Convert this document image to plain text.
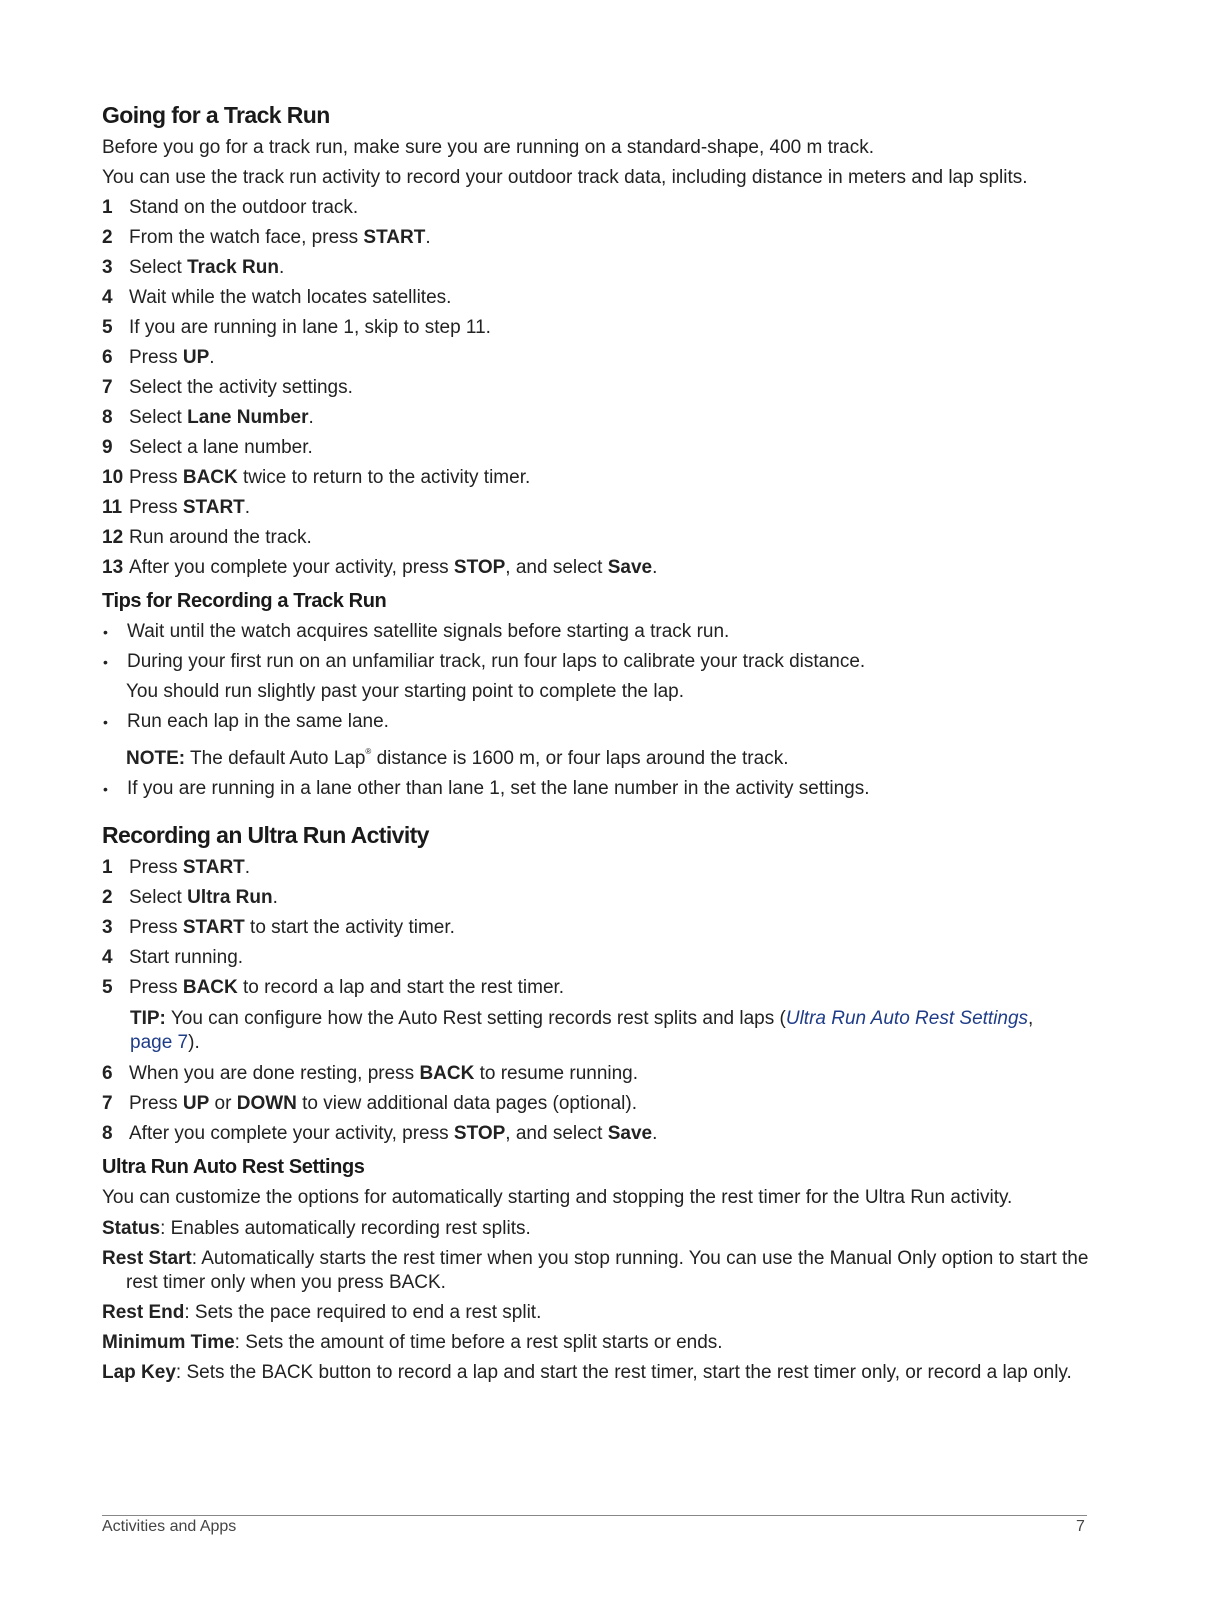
Going for a Track Run

Before you go for a track run, make sure you are running on a standard-shape, 400 m track.

You can use the track run activity to record your outdoor track data, including distance in meters and lap splits.

1 Stand on the outdoor track.
2 From the watch face, press START.
3 Select Track Run.
4 Wait while the watch locates satellites.
5 If you are running in lane 1, skip to step 11.
6 Press UP.
7 Select the activity settings.
8 Select Lane Number.
9 Select a lane number.
10 Press BACK twice to return to the activity timer.
11 Press START.
12 Run around the track.
13 After you complete your activity, press STOP, and select Save.
Tips for Recording a Track Run
•	Wait until the watch acquires satellite signals before starting a track run.
•	During your first run on an unfamiliar track, run four laps to calibrate your track distance.
You should run slightly past your starting point to complete the lap.
•	Run each lap in the same lane.
NOTE: The default Auto Lap® distance is 1600 m, or four laps around the track.
•	If you are running in a lane other than lane 1, set the lane number in the activity settings.
Recording an Ultra Run Activity
1 Press START.
2 Select Ultra Run.
3 Press START to start the activity timer.
4 Start running.
5 Press BACK to record a lap and start the rest timer.
TIP: You can configure how the Auto Rest setting records rest splits and laps (Ultra Run Auto Rest Settings,
page 7).
6 When you are done resting, press BACK to resume running.
7 Press UP or DOWN to view additional data pages (optional).
8 After you complete your activity, press STOP, and select Save.
Ultra Run Auto Rest Settings

You can customize the options for automatically starting and stopping the rest timer for the Ultra Run activity.

Status: Enables automatically recording rest splits.
Rest Start: Automatically starts the rest timer when you stop running. You can use the Manual Only option to start the rest timer only when you press BACK.
Rest End: Sets the pace required to end a rest split.
Minimum Time: Sets the amount of time before a rest split starts or ends.
Lap Key: Sets the BACK button to record a lap and start the rest timer, start the rest timer only, or record a lap only.
Activities and Apps	7
